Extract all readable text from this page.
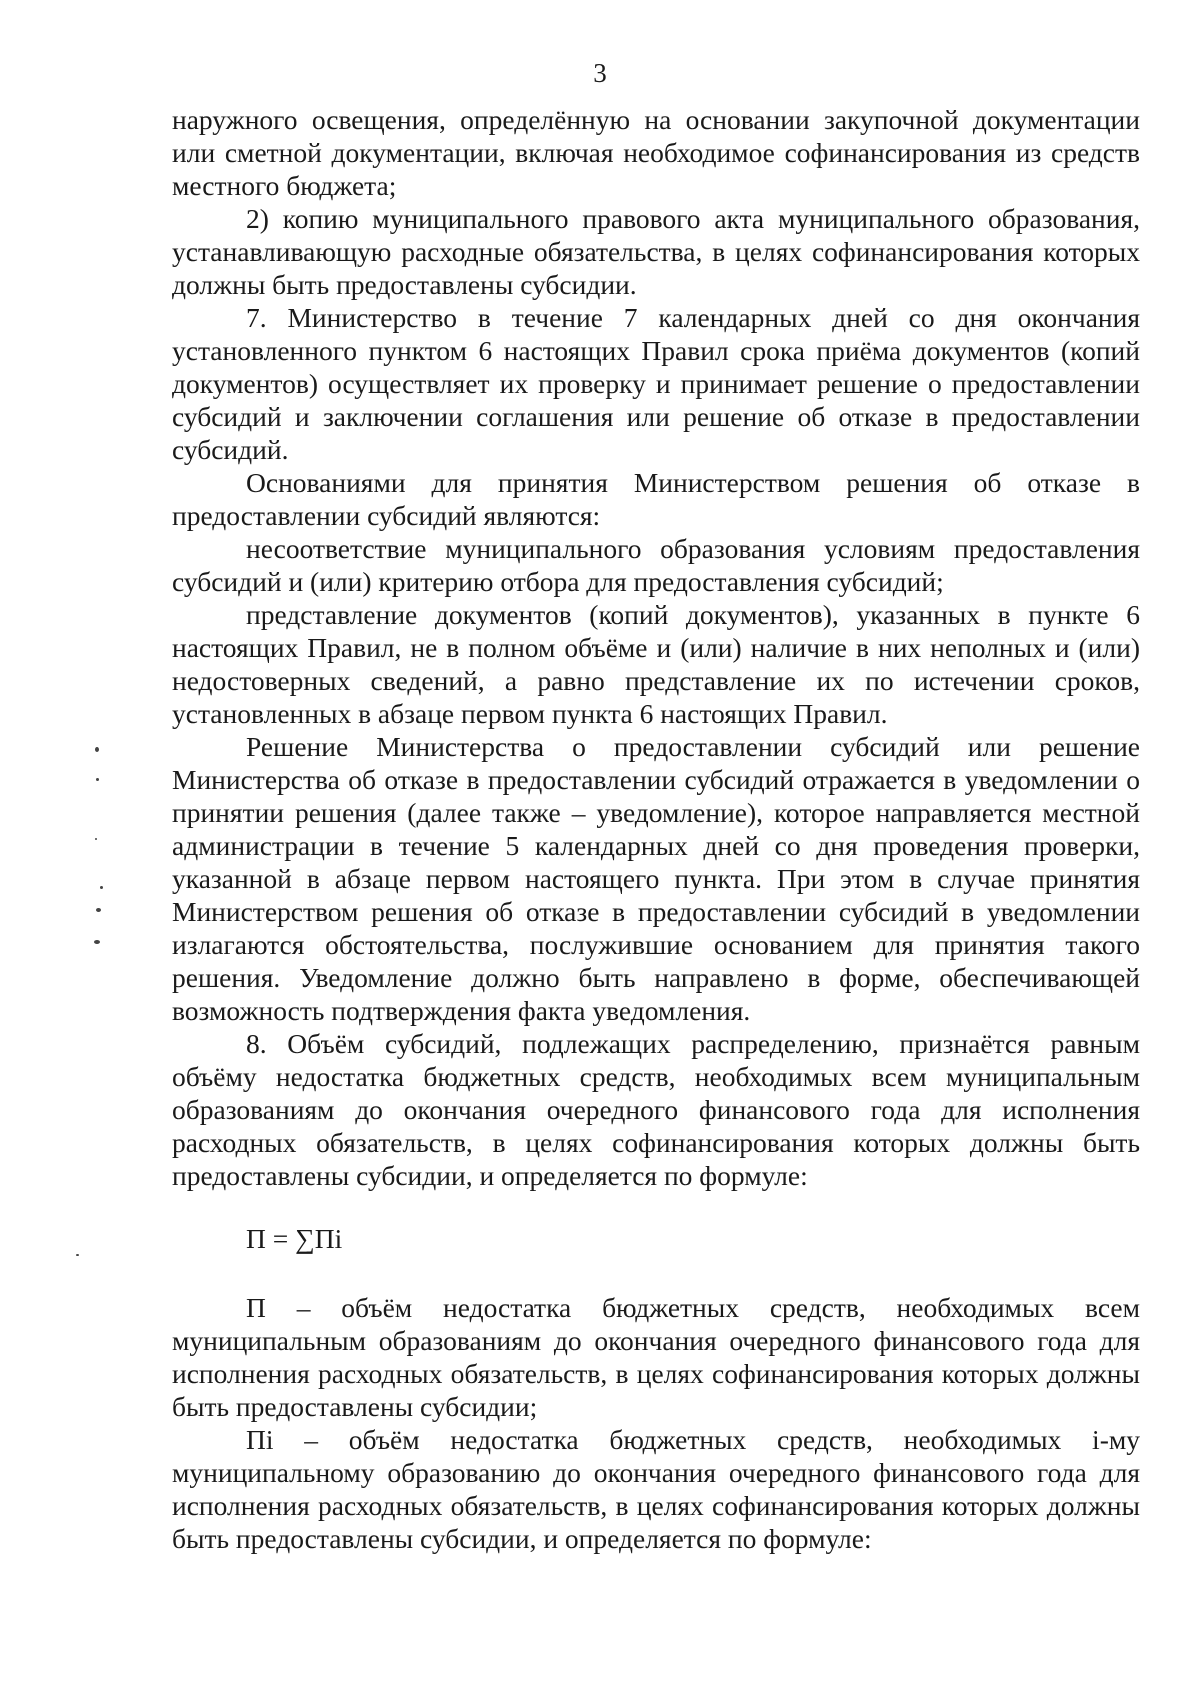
3

наружного освещения, определённую на основании закупочной документации или сметной документации, включая необходимое софинансирования из средств местного бюджета;

2) копию муниципального правового акта муниципального образования, устанавливающую расходные обязательства, в целях софинансирования которых должны быть предоставлены субсидии.

7. Министерство в течение 7 календарных дней со дня окончания установленного пунктом 6 настоящих Правил срока приёма документов (копий документов) осуществляет их проверку и принимает решение о предоставлении субсидий и заключении соглашения или решение об отказе в предоставлении субсидий.

Основаниями для принятия Министерством решения об отказе в предоставлении субсидий являются:

несоответствие муниципального образования условиям предоставления субсидий и (или) критерию отбора для предоставления субсидий;

представление документов (копий документов), указанных в пункте 6 настоящих Правил, не в полном объёме и (или) наличие в них неполных и (или) недостоверных сведений, а равно представление их по истечении сроков, установленных в абзаце первом пункта 6 настоящих Правил.

Решение Министерства о предоставлении субсидий или решение Министерства об отказе в предоставлении субсидий отражается в уведомлении о принятии решения (далее также – уведомление), которое направляется местной администрации в течение 5 календарных дней со дня проведения проверки, указанной в абзаце первом настоящего пункта. При этом в случае принятия Министерством решения об отказе в предоставлении субсидий в уведомлении излагаются обстоятельства, послужившие основанием для принятия такого решения. Уведомление должно быть направлено в форме, обеспечивающей возможность подтверждения факта уведомления.

8. Объём субсидий, подлежащих распределению, признаётся равным объёму недостатка бюджетных средств, необходимых всем муниципальным образованиям до окончания очередного финансового года для исполнения расходных обязательств, в целях софинансирования которых должны быть предоставлены субсидии, и определяется по формуле:

П = ∑Пi

П – объём недостатка бюджетных средств, необходимых всем муниципальным образованиям до окончания очередного финансового года для исполнения расходных обязательств, в целях софинансирования которых должны быть предоставлены субсидии;

Пi – объём недостатка бюджетных средств, необходимых i-му муниципальному образованию до окончания очередного финансового года для исполнения расходных обязательств, в целях софинансирования которых должны быть предоставлены субсидии, и определяется по формуле:
